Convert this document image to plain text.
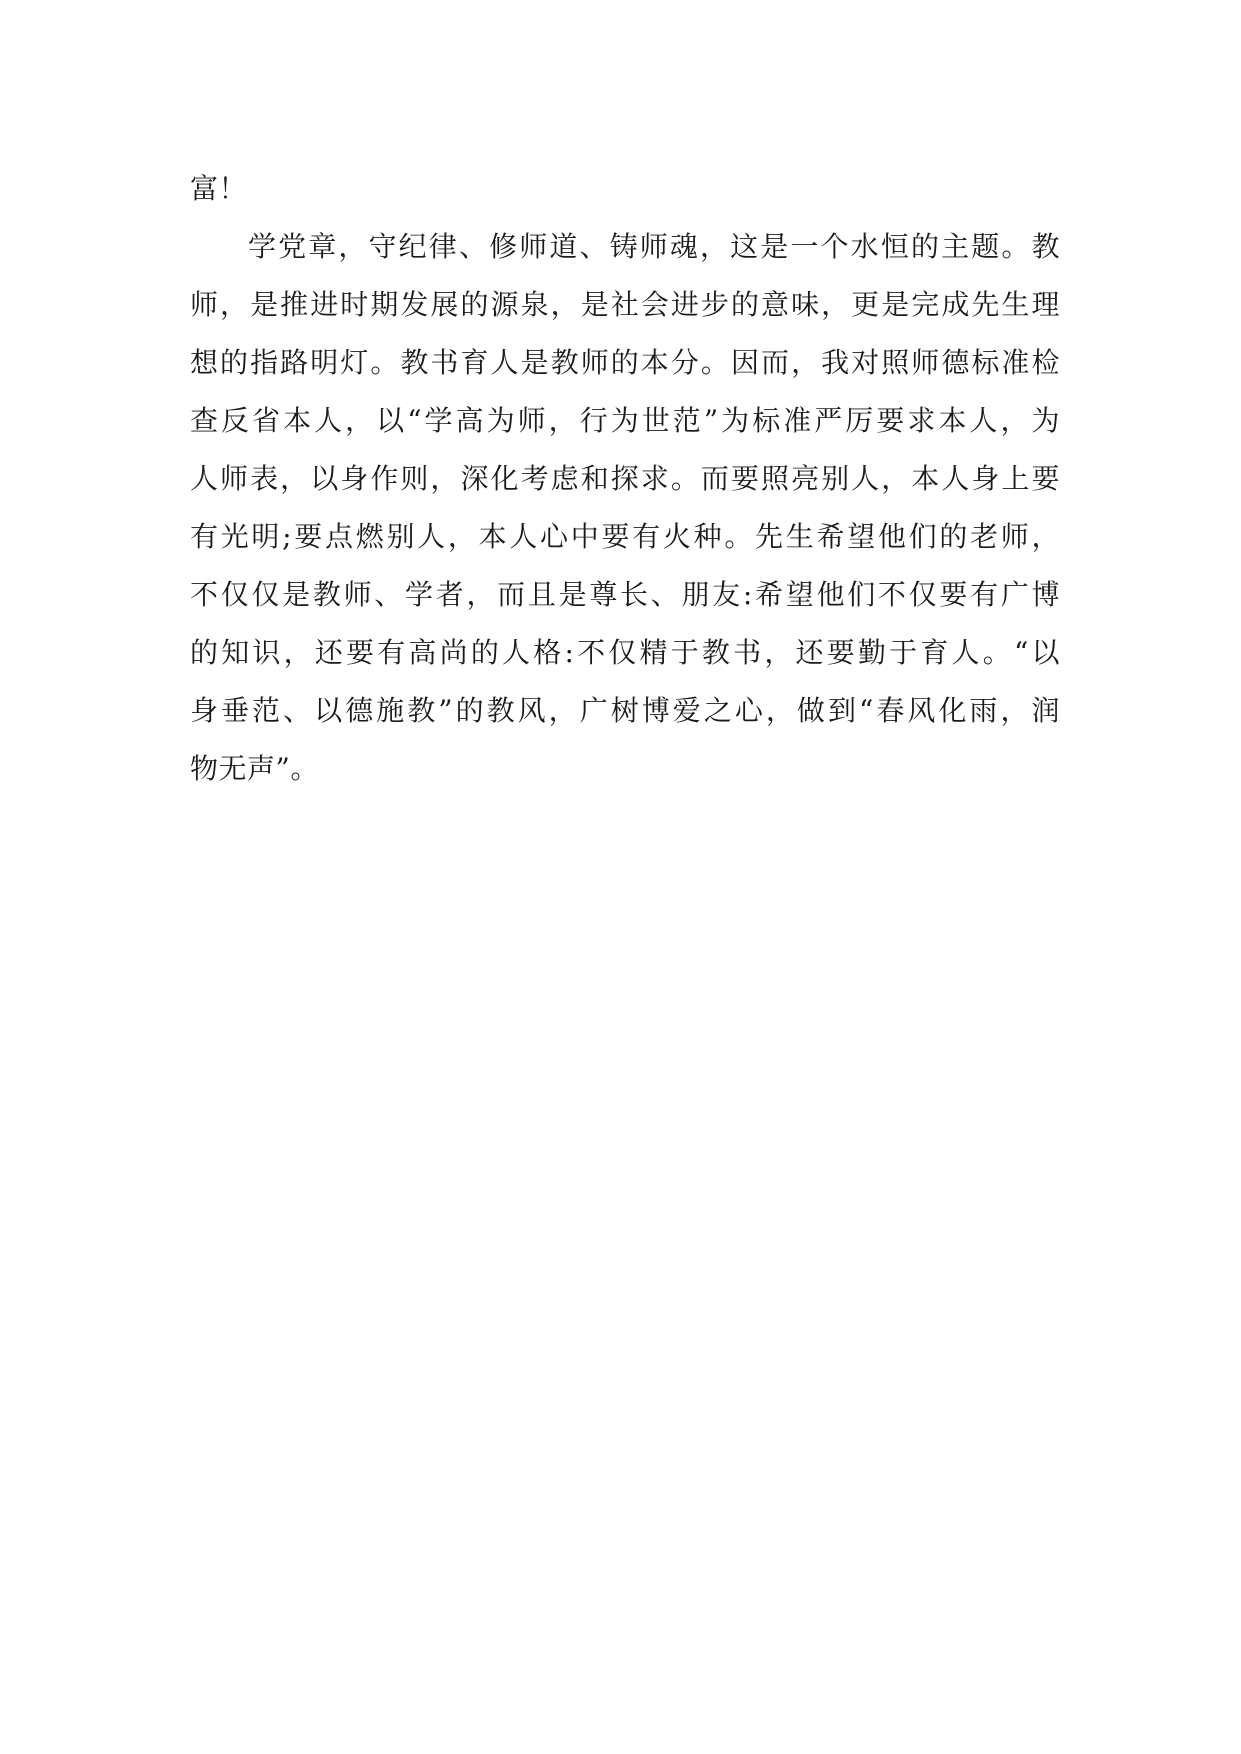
富！
学党章，守纪律、修师道、铸师魂，这是一个水恒的主题。教
师，是推进时期发展的源泉，是社会进步的意味，更是完成先生理
想的指路明灯。教书育人是教师的本分。因而，我对照师德标准检
查反省本人，以“学高为师，行为世范”为标准严厉要求本人，为
人师表，以身作则，深化考虑和探求。而要照亮别人，本人身上要
有光明;要点燃别人，本人心中要有火种。先生希望他们的老师，
不仅仅是教师、学者，而且是尊长、朋友:希望他们不仅要有广博
的知识，还要有高尚的人格:不仅精于教书，还要勤于育人。“以
身垂范、以德施教”的教风，广树博爱之心，做到“春风化雨，润
物无声”。
